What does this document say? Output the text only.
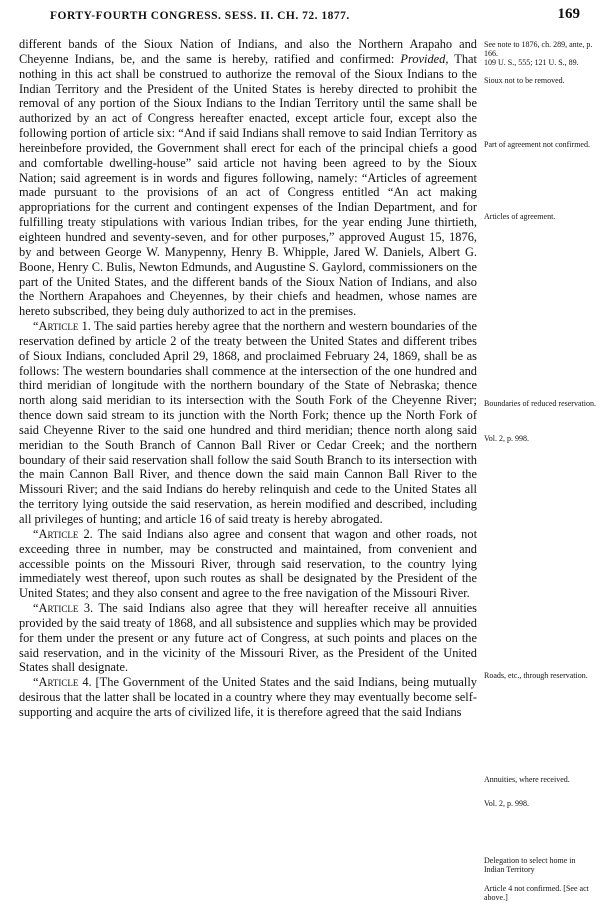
FORTY-FOURTH CONGRESS. SESS. II. CH. 72. 1877.	169

different bands of the Sioux Nation of Indians, and also the Northern Arapaho and Cheyenne Indians, be, and the same is hereby, ratified and confirmed: Provided, That nothing in this act shall be construed to authorize the removal of the Sioux Indians to the Indian Territory and the President of the United States is hereby directed to prohibit the removal of any portion of the Sioux Indians to the Indian Territory until the same shall be authorized by an act of Congress hereafter enacted, except article four, except also the following portion of article six: “And if said Indians shall remove to said Indian Territory as hereinbefore provided, the Government shall erect for each of the principal chiefs a good and comfortable dwelling-house” said article not having been agreed to by the Sioux Nation; said agreement is in words and figures following, namely: “Articles of agreement made pursuant to the provisions of an act of Congress entitled “An act making appropriations for the current and contingent expenses of the Indian Department, and for fulfilling treaty stipulations with various Indian tribes, for the year ending June thirtieth, eighteen hundred and seventy-seven, and for other purposes,” approved August 15, 1876, by and between George W. Manypenny, Henry B. Whipple, Jared W. Daniels, Albert G. Boone, Henry C. Bulis, Newton Edmunds, and Augustine S. Gaylord, commissioners on the part of the United States, and the different bands of the Sioux Nation of Indians, and also the Northern Arapahoes and Cheyennes, by their chiefs and headmen, whose names are hereto subscribed, they being duly authorized to act in the premises.

“Article 1. The said parties hereby agree that the northern and western boundaries of the reservation defined by article 2 of the treaty between the United States and different tribes of Sioux Indians, concluded April 29, 1868, and proclaimed February 24, 1869, shall be as follows: The western boundaries shall commence at the intersection of the one hundred and third meridian of longitude with the northern boundary of the State of Nebraska; thence north along said meridian to its intersection with the South Fork of the Cheyenne River; thence down said stream to its junction with the North Fork; thence up the North Fork of said Cheyenne River to the said one hundred and third meridian; thence north along said meridian to the South Branch of Cannon Ball River or Cedar Creek; and the northern boundary of their said reservation shall follow the said South Branch to its intersection with the main Cannon Ball River, and thence down the said main Cannon Ball River to the Missouri River; and the said Indians do hereby relinquish and cede to the United States all the territory lying outside the said reservation, as herein modified and described, including all privileges of hunting; and article 16 of said treaty is hereby abrogated.

“Article 2. The said Indians also agree and consent that wagon and other roads, not exceeding three in number, may be constructed and maintained, from convenient and accessible points on the Missouri River, through said reservation, to the country lying immediately west thereof, upon such routes as shall be designated by the President of the United States; and they also consent and agree to the free navigation of the Missouri River.

“Article 3. The said Indians also agree that they will hereafter receive all annuities provided by the said treaty of 1868, and all subsistence and supplies which may be provided for them under the present or any future act of Congress, at such points and places on the said reservation, and in the vicinity of the Missouri River, as the President of the United States shall designate.

“Article 4. [The Government of the United States and the said Indians, being mutually desirous that the latter shall be located in a country where they may eventually become self-supporting and acquire the arts of civilized life, it is therefore agreed that the said Indians

See note to 1876, ch. 289, ante, p. 166.
109 U. S., 555; 121 U. S., 89.
Sioux not to be removed.
Part of agreement not confirmed.
Articles of agreement.
Boundaries of reduced reservation.
Vol. 2, p. 998.
Roads, etc., through reservation.
Annuities, where received.
Vol. 2, p. 998.
Delegation to select home in Indian Territory
Article 4 not confirmed. [See act above.]
